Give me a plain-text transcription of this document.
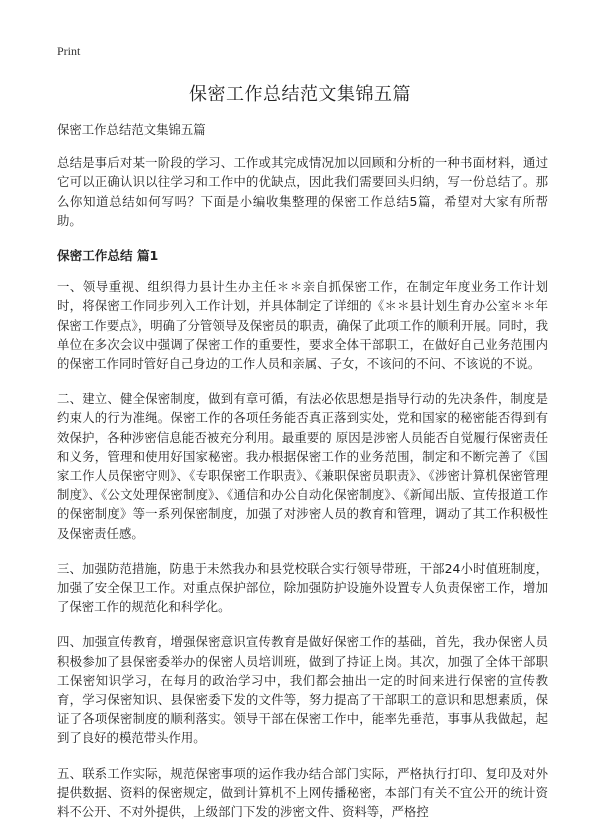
Print
保密工作总结范文集锦五篇

保密工作总结范文集锦五篇

总结是事后对某一阶段的学习、工作或其完成情况加以回顾和分析的一种书面材料，通过它可以正确认识以往学习和工作中的优缺点，因此我们需要回头归纳，写一份总结了。那么你知道总结如何写吗？下面是小编收集整理的保密工作总结5篇，希望对大家有所帮助。

保密工作总结 篇1

一、领导重视、组织得力县计生办主任＊＊亲自抓保密工作，在制定年度业务工作计划时，将保密工作同步列入工作计划，并具体制定了详细的《＊＊县计划生育办公室＊＊年保密工作要点》，明确了分管领导及保密员的职责，确保了此项工作的顺利开展。同时，我单位在多次会议中强调了保密工作的重要性，要求全体干部职工，在做好自己业务范围内的保密工作同时管好自己身边的工作人员和亲属、子女，不该问的不问、不该说的不说。

二、建立、健全保密制度，做到有章可循，有法必依思想是指导行动的先决条件，制度是约束人的行为准绳。保密工作的各项任务能否真正落到实处，党和国家的秘密能否得到有效保护，各种涉密信息能否被充分利用。最重要的 原因是涉密人员能否自觉履行保密责任和义务，管理和使用好国家秘密。我办根据保密工作的业务范围，制定和不断完善了《国家工作人员保密守则》、《专职保密工作职责》、《兼职保密员职责》、《涉密计算机保密管理制度》、《公文处理保密制度》、《通信和办公自动化保密制度》、《新闻出版、宣传报道工作的保密制度》等一系列保密制度，加强了对涉密人员的教育和管理，调动了其工作积极性及保密责任感。

三、加强防范措施，防患于未然我办和县党校联合实行领导带班，干部24小时值班制度，加强了安全保卫工作。对重点保护部位，除加强防护设施外设置专人负责保密工作，增加了保密工作的规范化和科学化。

四、加强宣传教育，增强保密意识宣传教育是做好保密工作的基础，首先，我办保密人员积极参加了县保密委举办的保密人员培训班，做到了持证上岗。其次，加强了全体干部职工保密知识学习，在每月的政治学习中，我们都会抽出一定的时间来进行保密的宣传教育，学习保密知识、县保密委下发的文件等，努力提高了干部职工的意识和思想素质，保证了各项保密制度的顺利落实。领导干部在保密工作中，能率先垂范，事事从我做起，起到了良好的模范带头作用。

五、联系工作实际，规范保密事项的运作我办结合部门实际，严格执行打印、复印及对外提供数据、资料的保密规定，做到计算机不上网传播秘密，本部门有关不宜公开的统计资料不公开、不对外提供，上级部门下发的涉密文件、资料等，严格控
